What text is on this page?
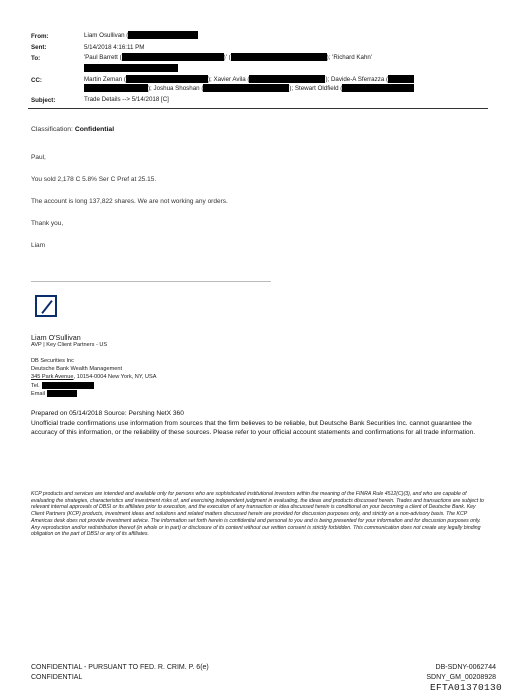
From:	Liam Osullivan (
Sent:	5/14/2018 4:16:11 PM
To:	'Paul Barrett (	)' (	); 'Richard Kahn'
CC:	Martin Zeman (	); Xavier Avila (	); Davide-A Sferrazza (
); Joshua Shoshan (	); Stewart Oldfield (
Subject:	Trade Details --> 5/14/2018 [C]
Classification: Confidential
Paul,
You sold 2,178 C 5.8% Ser C Pref at 25.15.
The account is long 137,822 shares. We are not working any orders.
Thank you,
Liam
Liam O'Sullivan
AVP | Key Client Partners - US
DB Securities Inc
Deutsche Bank Wealth Management
345 Park Avenue, 10154-0004 New York, NY, USA
Tel.
Email
Prepared on 05/14/2018 Source: Pershing NetX 360
Unofficial trade confirmations use information from sources that the firm believes to be reliable, but Deutsche Bank Securities Inc. cannot guarantee the accuracy of this information, or the reliability of these sources. Please refer to your official account statements and confirmations for all trade information.
KCP products and services are intended and available only for persons who are sophisticated institutional investors within the meaning of the FINRA Rule 4512(C)(3), and who are capable of evaluating the strategies, characteristics and investment risks of, and exercising independent judgment in evaluating, the ideas and products discussed herein. Trades and transactions are subject to relevant internal approvals of DBSI or its affiliates prior to execution, and the execution of any transaction or idea discussed herein is conditional on your becoming a client of Deutsche Bank. Key Client Partners (KCP) products, investment ideas and solutions and related matters discussed herein are provided for discussion purposes only, and strictly on a non-advisory basis. The KCP Americas desk does not provide investment advice. The information set forth herein is confidential and personal to you and is being presented for your information and for discussion purposes only. Any reproduction and/or redistribution thereof (in whole or in part) or disclosure of its content without our written consent is strictly forbidden. This communication does not create any legally binding obligation on the part of DBSI or any of its affiliates.
CONFIDENTIAL - PURSUANT TO FED. R. CRIM. P. 6(e)
CONFIDENTIAL
DB-SDNY-0062744
SDNY_GM_00208928
EFTA01370130
